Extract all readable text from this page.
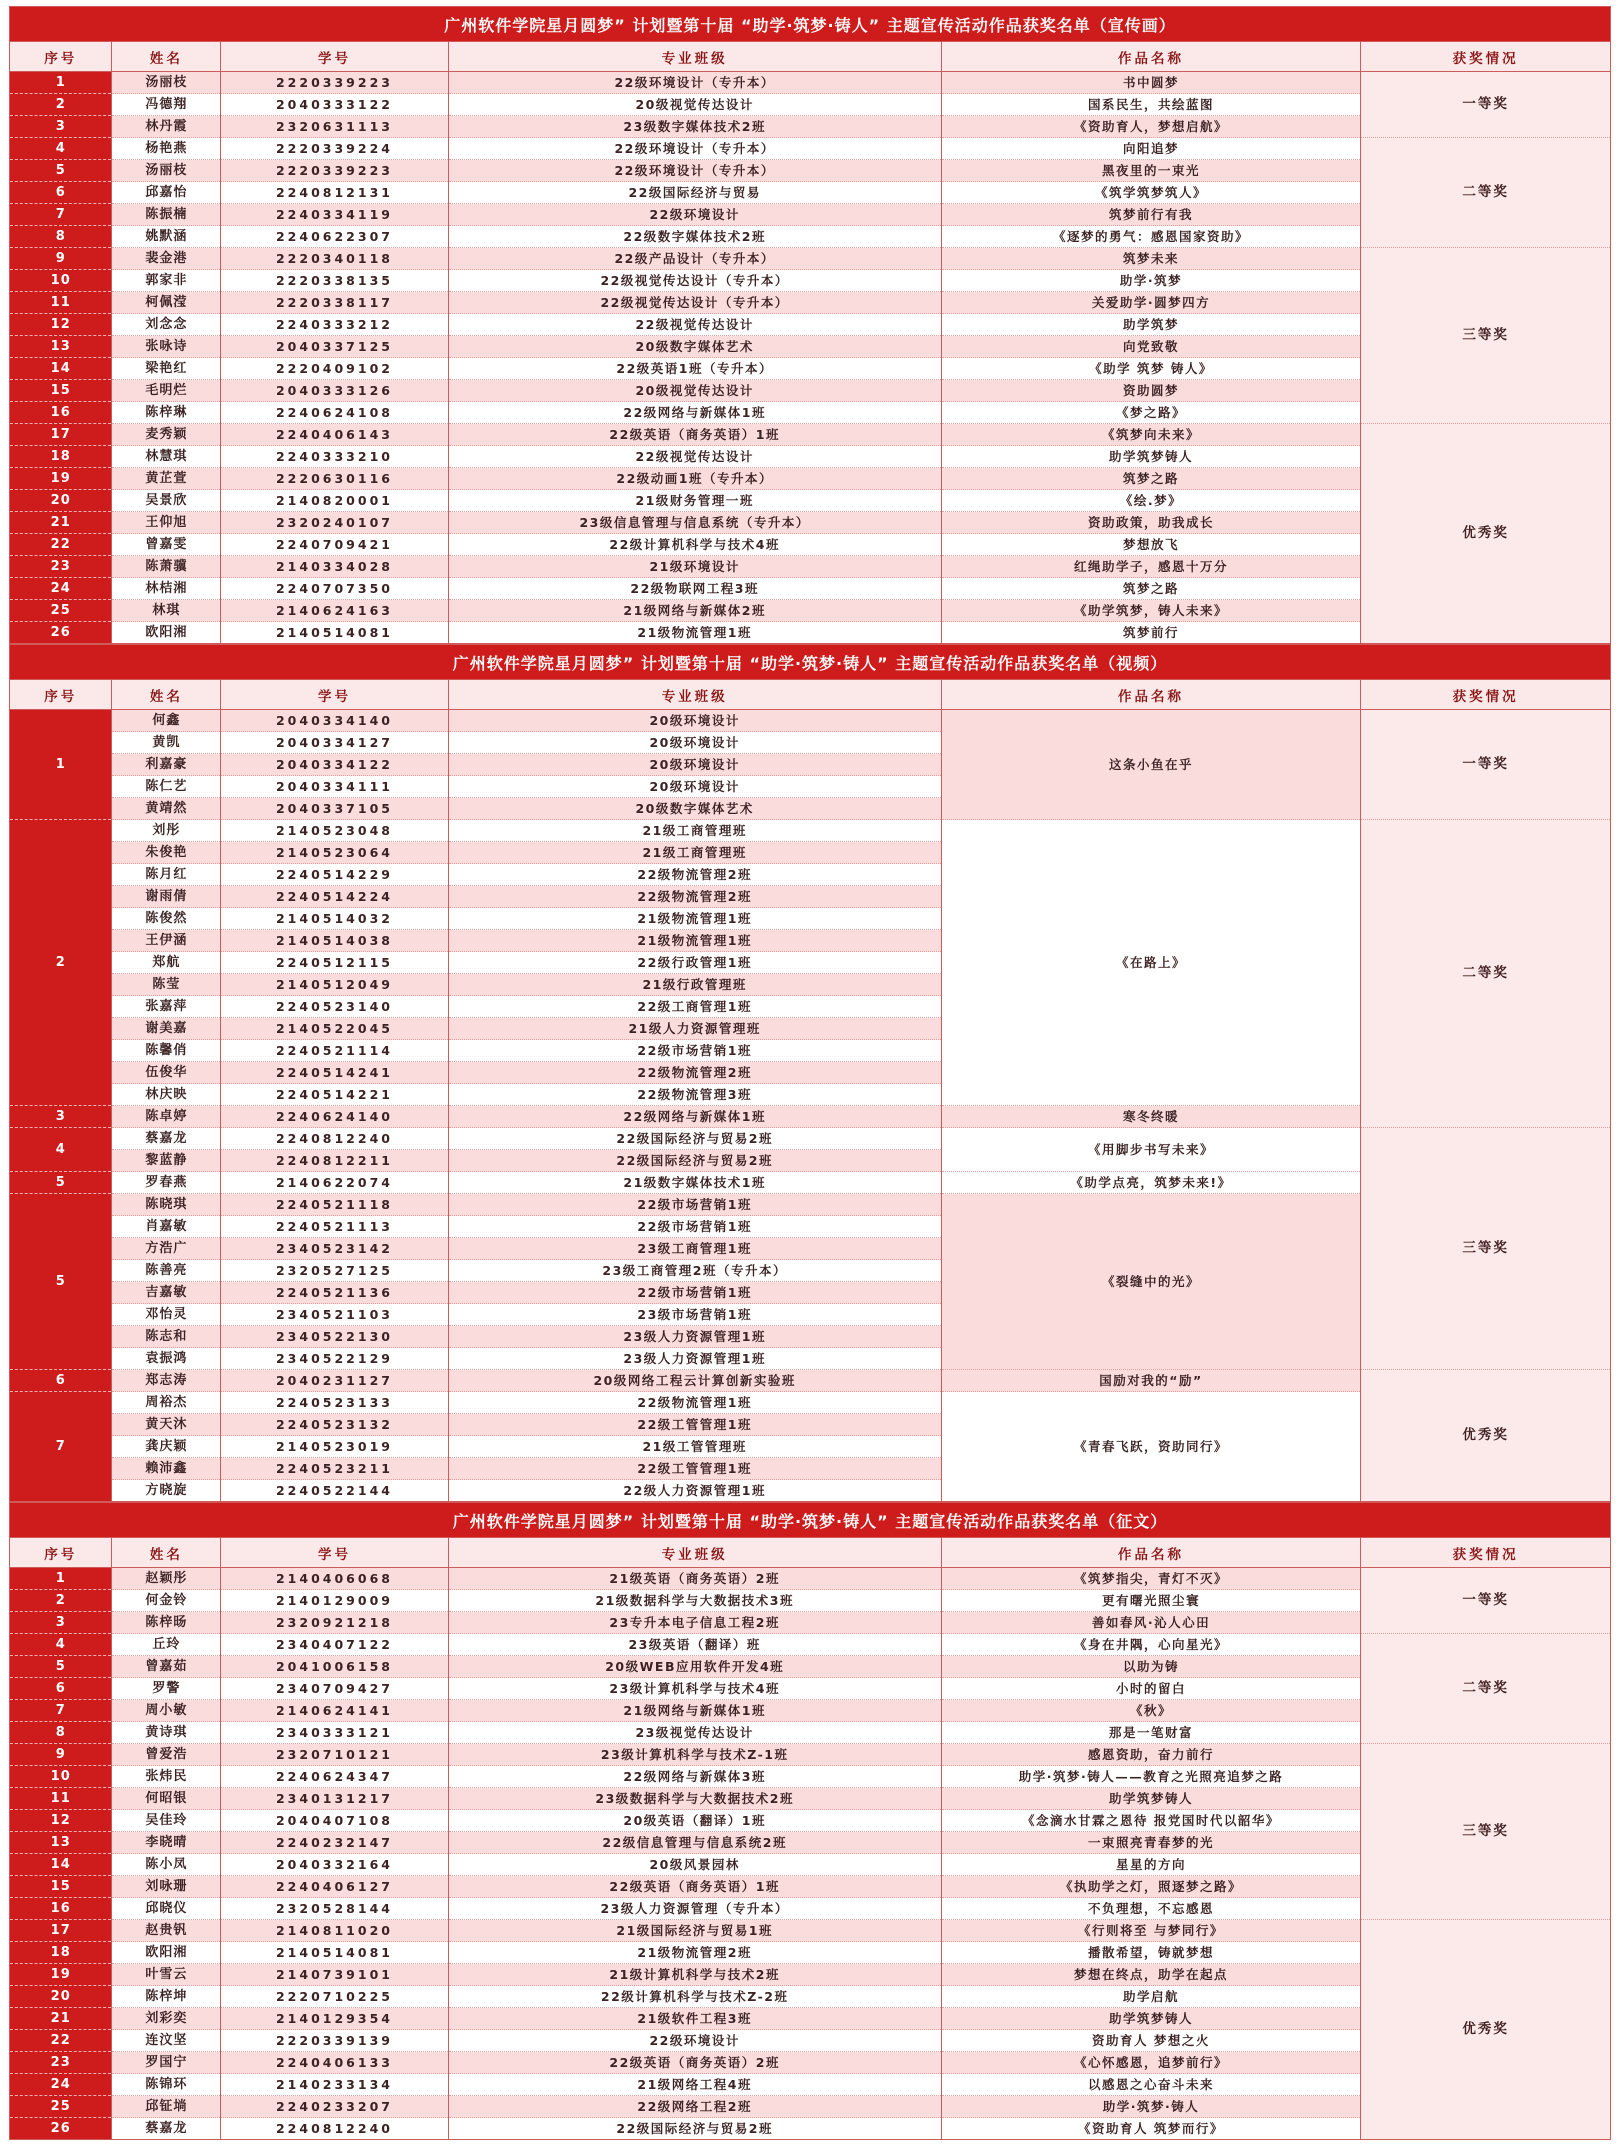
广州软件学院星月圆梦” 计划暨第十届 “助学·筑梦·铸人” 主题宣传活动作品获奖名单（宣传画）					
序号	姓名	学号	专业班级	作品名称	获奖情况
1	汤丽枝	2220339223	22级环境设计（专升本）	书中圆梦	一等奖
2	冯德翔	2040333122	20级视觉传达设计	国系民生，共绘蓝图	
3	林丹霞	2320631113	23级数字媒体技术2班	《资助育人，梦想启航》	
4	杨艳燕	2220339224	22级环境设计（专升本）	向阳追梦	二等奖
5	汤丽枝	2220339223	22级环境设计（专升本）	黑夜里的一束光	
6	邱嘉怡	2240812131	22级国际经济与贸易	《筑学筑梦筑人》	
7	陈振楠	2240334119	22级环境设计	筑梦前行有我	
8	姚默涵	2240622307	22级数字媒体技术2班	《逐梦的勇气：感恩国家资助》	
9	裴金港	2220340118	22级产品设计（专升本）	筑梦未来	三等奖
10	郭家非	2220338135	22级视觉传达设计（专升本）	助学·筑梦	
11	柯佩滢	2220338117	22级视觉传达设计（专升本）	关爱助学·圆梦四方	
12	刘念念	2240333212	22级视觉传达设计	助学筑梦	
13	张咏诗	2040337125	20级数字媒体艺术	向党致敬	
14	梁艳红	2220409102	22级英语1班（专升本）	《助学 筑梦 铸人》	
15	毛明烂	2040333126	20级视觉传达设计	资助圆梦	
16	陈梓琳	2240624108	22级网络与新媒体1班	《梦之路》	
17	麦秀颖	2240406143	22级英语（商务英语）1班	《筑梦向未来》	优秀奖
18	林慧琪	2240333210	22级视觉传达设计	助学筑梦铸人	
19	黄芷萱	2220630116	22级动画1班（专升本）	筑梦之路	
20	吴景欣	2140820001	21级财务管理一班	《绘.梦》	
21	王仰旭	2320240107	23级信息管理与信息系统（专升本）	资助政策，助我成长	
22	曾嘉雯	2240709421	22级计算机科学与技术4班	梦想放飞	
23	陈萧骥	2140334028	21级环境设计	红绳助学子，感恩十万分	
24	林桔湘	2240707350	22级物联网工程3班	筑梦之路	
25	林琪	2140624163	21级网络与新媒体2班	《助学筑梦，铸人未来》	
26	欧阳湘	2140514081	21级物流管理1班	筑梦前行	
广州软件学院星月圆梦” 计划暨第十届 “助学·筑梦·铸人” 主题宣传活动作品获奖名单（视频）					
序号	姓名	学号	专业班级	作品名称	获奖情况
1	何鑫	2040334140	20级环境设计	这条小鱼在乎	一等奖
	黄凯	2040334127	20级环境设计		
	利嘉豪	2040334122	20级环境设计		
	陈仁艺	2040334111	20级环境设计		
	黄靖然	2040337105	20级数字媒体艺术		
2	刘彤	2140523048	21级工商管理班	《在路上》	二等奖
	朱俊艳	2140523064	21级工商管理班		
	陈月红	2240514229	22级物流管理2班		
	谢雨倩	2240514224	22级物流管理2班		
	陈俊然	2140514032	21级物流管理1班		
	王伊涵	2140514038	21级物流管理1班		
	郑航	2240512115	22级行政管理1班		
	陈莹	2140512049	21级行政管理班		
	张嘉萍	2240523140	22级工商管理1班		
	谢美嘉	2140522045	21级人力资源管理班		
	陈馨俏	2240521114	22级市场营销1班		
	伍俊华	2240514241	22级物流管理2班		
	林庆映	2240514221	22级物流管理3班		
3	陈卓婷	2240624140	22级网络与新媒体1班	寒冬终暖	
4	蔡嘉龙	2240812240	22级国际经济与贸易2班	《用脚步书写未来》	三等奖
	黎蓝静	2240812211	22级国际经济与贸易2班		
5	罗春燕	2140622074	21级数字媒体技术1班	《助学点亮，筑梦未来!》	
5	陈晓琪	2240521118	22级市场营销1班	《裂缝中的光》	
	肖嘉敏	2240521113	22级市场营销1班		
	方浩广	2340523142	23级工商管理1班		
	陈善亮	2320527125	23级工商管理2班（专升本）		
	吉嘉敏	2240521136	22级市场营销1班		
	邓怡灵	2340521103	23级市场营销1班		
	陈志和	2340522130	23级人力资源管理1班		
	袁振鸿	2340522129	23级人力资源管理1班		
6	郑志涛	2040231127	20级网络工程云计算创新实验班	国励对我的“励”	优秀奖
7	周裕杰	2240523133	22级物流管理1班	《青春飞跃，资助同行》	
	黄天沐	2240523132	22级工管管理1班		
	龚庆颖	2140523019	21级工管管理班		
	赖沛鑫	2240523211	22级工管管理1班		
	方晓旋	2240522144	22级人力资源管理1班		
广州软件学院星月圆梦” 计划暨第十届 “助学·筑梦·铸人” 主题宣传活动作品获奖名单（征文）					
序号	姓名	学号	专业班级	作品名称	获奖情况
1	赵颖彤	2140406068	21级英语（商务英语）2班	《筑梦指尖，青灯不灭》	一等奖
2	何金铃	2140129009	21级数据科学与大数据技术3班	更有曙光照尘寰	
3	陈梓旸	2320921218	23专升本电子信息工程2班	善如春风·沁人心田	
4	丘玲	2340407122	23级英语（翻译）班	《身在井隅，心向星光》	二等奖
5	曾嘉茹	2041006158	20级WEB应用软件开发4班	以助为铸	
6	罗警	2340709427	23级计算机科学与技术4班	小时的留白	
7	周小敏	2140624141	21级网络与新媒体1班	《秋》	
8	黄诗琪	2340333121	23级视觉传达设计	那是一笔财富	
9	曾爱浩	2320710121	23级计算机科学与技术Z-1班	感恩资助，奋力前行	三等奖
10	张炜民	2240624347	22级网络与新媒体3班	助学·筑梦·铸人——教育之光照亮追梦之路	
11	何昭银	2340131217	23级数据科学与大数据技术2班	助学筑梦铸人	
12	吴佳玲	2040407108	20级英语（翻译）1班	《念滴水甘霖之恩待 报党国时代以韶华》	
13	李晓晴	2240232147	22级信息管理与信息系统2班	一束照亮青春梦的光	
14	陈小凤	2040332164	20级风景园林	星星的方向	
15	刘咏珊	2240406127	22级英语（商务英语）1班	《执助学之灯，照逐梦之路》	
16	邱晓仪	2320528144	23级人力资源管理（专升本）	不负理想，不忘感恩	
17	赵贵钒	2140811020	21级国际经济与贸易1班	《行则将至 与梦同行》	优秀奖
18	欧阳湘	2140514081	21级物流管理2班	播散希望，铸就梦想	
19	叶雪云	2140739101	21级计算机科学与技术2班	梦想在终点，助学在起点	
20	陈梓坤	2220710225	22级计算机科学与技术Z-2班	助学启航	
21	刘彩奕	2140129354	21级软件工程3班	助学筑梦铸人	
22	连汶坚	2220339139	22级环境设计	资助育人 梦想之火	
23	罗国宁	2240406133	22级英语（商务英语）2班	《心怀感恩，追梦前行》	
24	陈锦环	2140233134	21级网络工程4班	以感恩之心奋斗未来	
25	邱钲埫	2240233207	22级网络工程2班	助学·筑梦·铸人	
26	蔡嘉龙	2240812240	22级国际经济与贸易2班	《资助育人 筑梦而行》	
